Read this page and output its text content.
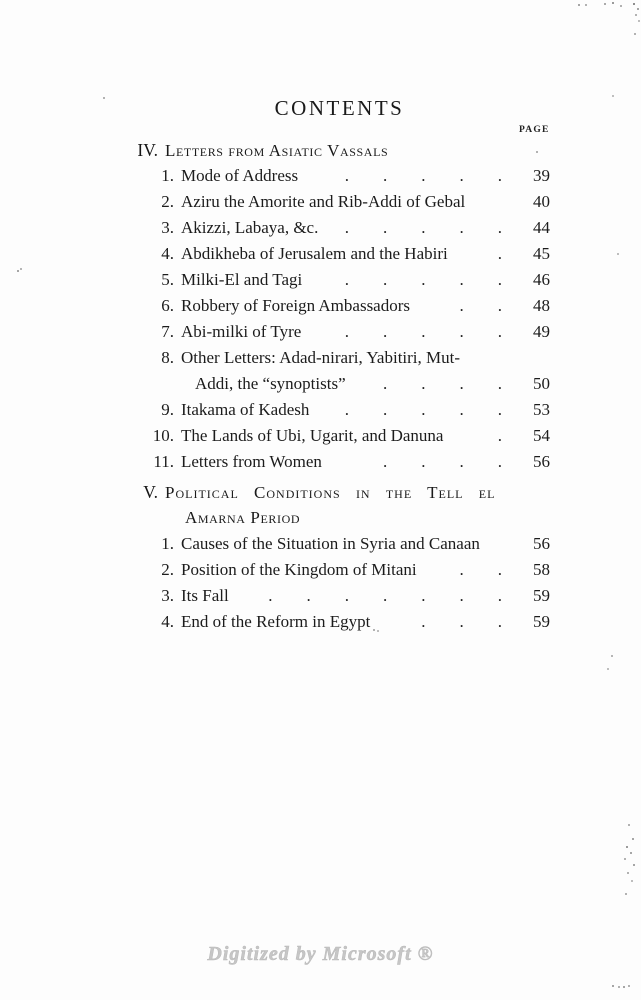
CONTENTS
PAGE
IV. Letters from Asiatic Vassals
1. Mode of Address	.  .  .  .  .	39
2. Aziru the Amorite and Rib-Addi of Gebal	40
3. Akizzi, Labaya, &c.	.  .  .  .  .	44
4. Abdikheba of Jerusalem and the Habiri	.	45
5. Milki-El and Tagi	.  .  .  .  .	46
6. Robbery of Foreign Ambassadors	.  .	48
7. Abi-milki of Tyre	.  .  .  .  .	49
8. Other Letters: Adad-nirari, Yabitiri, Mut-
Addi, the “synoptists”	.  .  .  .	50
9. Itakama of Kadesh	.  .  .  .  .	53
10. The Lands of Ubi, Ugarit, and Danuna	.	54
11. Letters from Women	.  .  .  .	56
V. Political Conditions in the Tell el
Amarna Period
1. Causes of the Situation in Syria and Canaan	56
2. Position of the Kingdom of Mitani	.  .	58
3. Its Fall	.  .  .  .  .  .  .	59
4. End of the Reform in Egypt	.  .  .	59
Digitized by Microsoft ®
